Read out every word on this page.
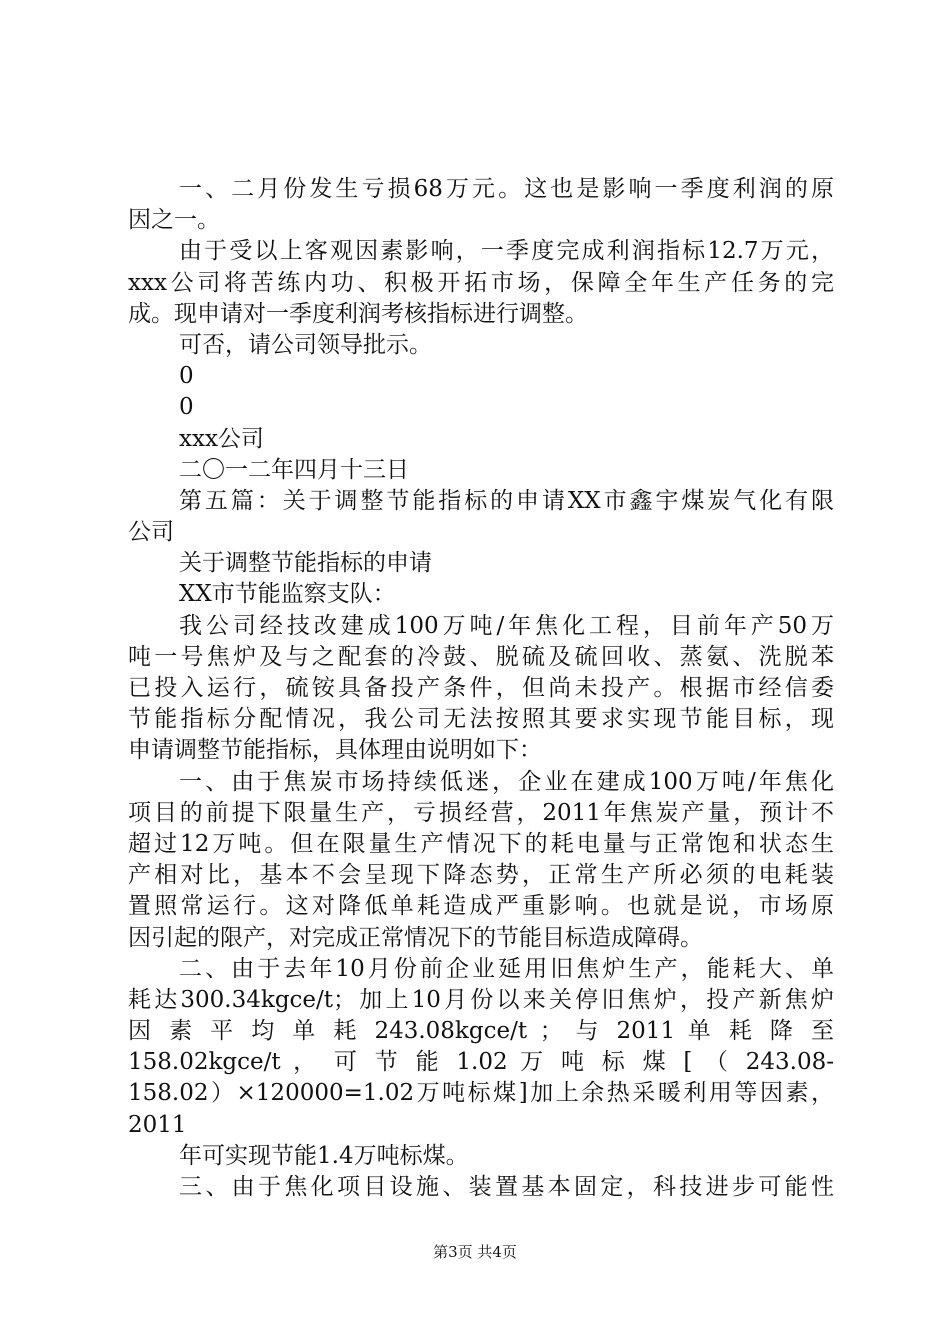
一、二月份发生亏损68万元。这也是影响一季度利润的原
因之一。
由于受以上客观因素影响，一季度完成利润指标12.7万元，
xxx公司将苦练内功、积极开拓市场，保障全年生产任务的完
成。现申请对一季度利润考核指标进行调整。
可否，请公司领导批示。
0
0
xxx公司
二〇一二年四月十三日
第五篇：关于调整节能指标的申请XX市鑫宇煤炭气化有限
公司
关于调整节能指标的申请
XX市节能监察支队：
我公司经技改建成100万吨/年焦化工程，目前年产50万
吨一号焦炉及与之配套的冷鼓、脱硫及硫回收、蒸氨、洗脱苯
已投入运行，硫铵具备投产条件，但尚未投产。根据市经信委
节能指标分配情况，我公司无法按照其要求实现节能目标，现
申请调整节能指标，具体理由说明如下：
一、由于焦炭市场持续低迷，企业在建成100万吨/年焦化
项目的前提下限量生产，亏损经营，2011年焦炭产量，预计不
超过12万吨。但在限量生产情况下的耗电量与正常饱和状态生
产相对比，基本不会呈现下降态势，正常生产所必须的电耗装
置照常运行。这对降低单耗造成严重影响。也就是说，市场原
因引起的限产，对完成正常情况下的节能目标造成障碍。
二、由于去年10月份前企业延用旧焦炉生产，能耗大、单
耗达300.34kgce/t；加上10月份以来关停旧焦炉，投产新焦炉
因 素 平 均 单 耗 243.08kgce/t ； 与 2011 单 耗 降 至
158.02kgce/t ， 可 节 能 1.02 万 吨 标 煤 [ （ 243.08-
158.02）×120000=1.02万吨标煤]加上余热采暖利用等因素，
2011
年可实现节能1.4万吨标煤。
三、由于焦化项目设施、装置基本固定，科技进步可能性
第3页 共4页
